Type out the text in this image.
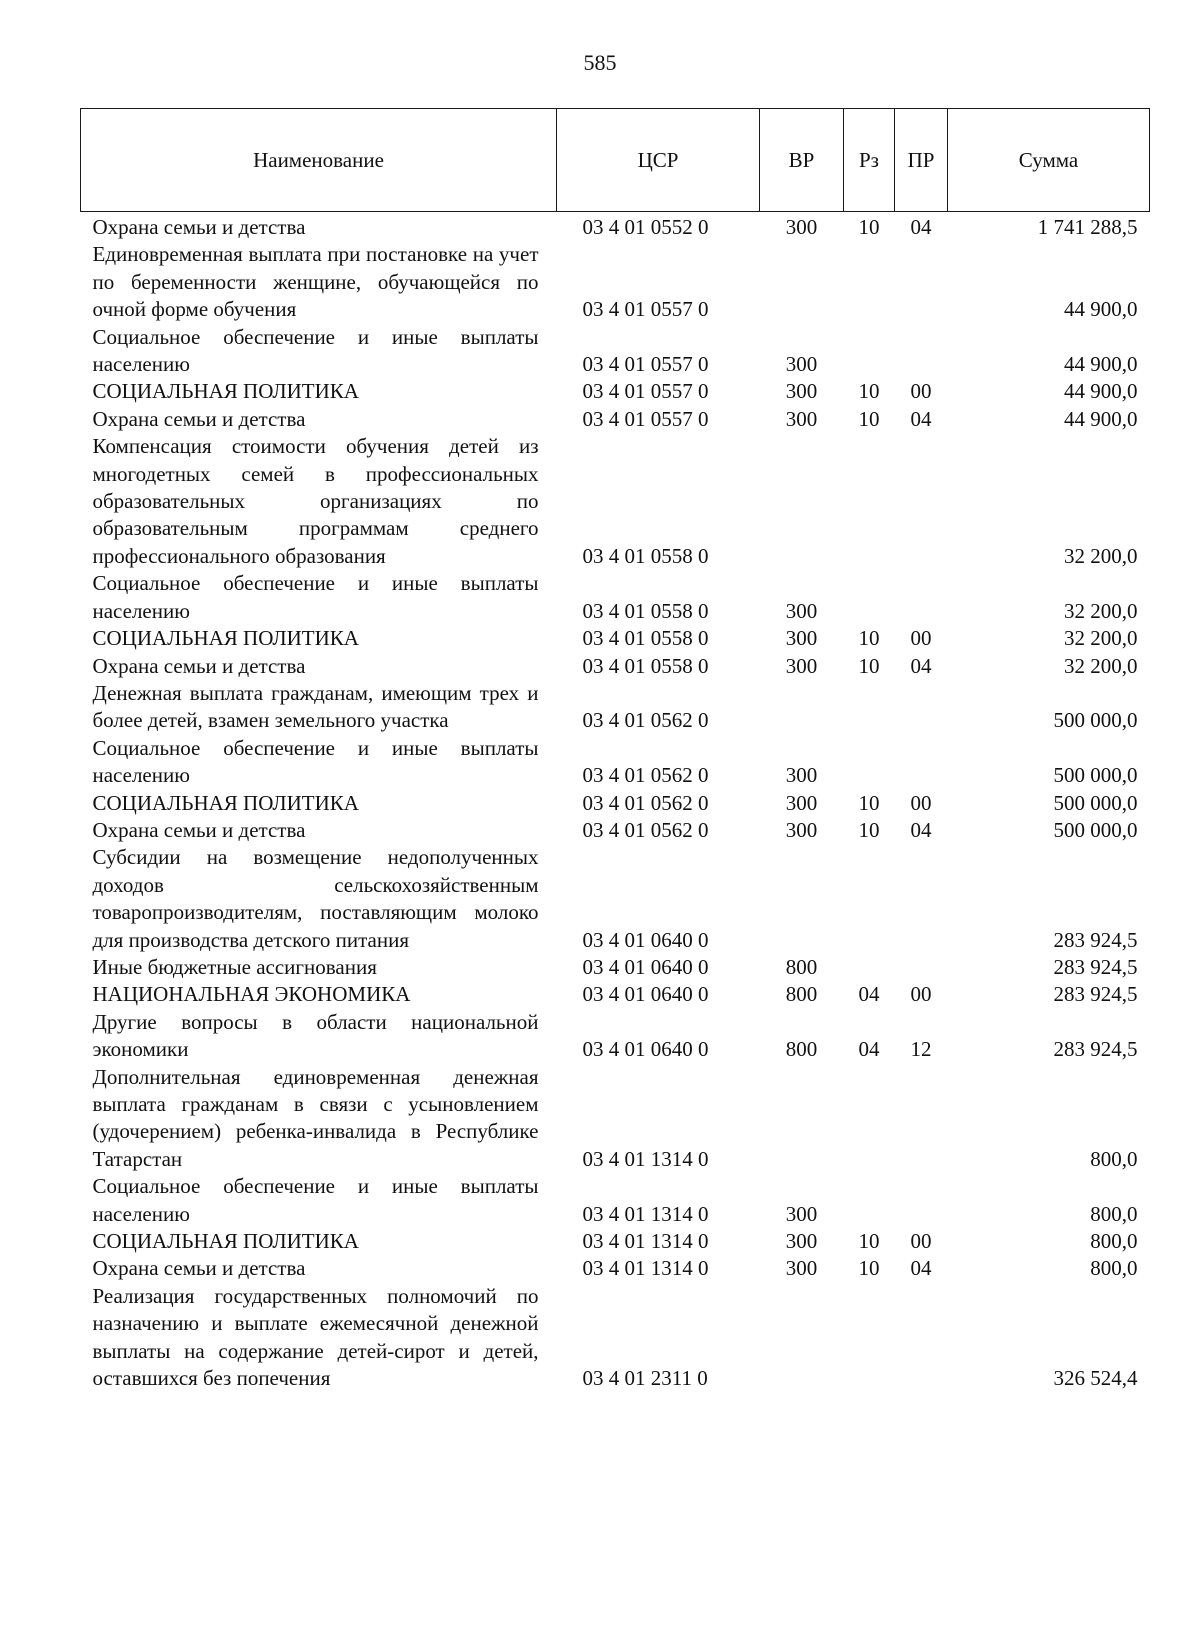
585
Наименование	ЦСР	ВР	Рз	ПР	Сумма
Охрана семьи и детства	03 4 01 0552 0	300	10	04	1 741 288,5
Единовременная выплата при постановке на учет по беременности женщине, обучающейся по очной форме обучения	03 4 01 0557 0				44 900,0
Социальное обеспечение и иные выплаты населению	03 4 01 0557 0	300			44 900,0
СОЦИАЛЬНАЯ ПОЛИТИКА	03 4 01 0557 0	300	10	00	44 900,0
Охрана семьи и детства	03 4 01 0557 0	300	10	04	44 900,0
Компенсация стоимости обучения детей из многодетных семей в профессиональных образовательных организациях по образовательным программам среднего профессионального образования	03 4 01 0558 0				32 200,0
Социальное обеспечение и иные выплаты населению	03 4 01 0558 0	300			32 200,0
СОЦИАЛЬНАЯ ПОЛИТИКА	03 4 01 0558 0	300	10	00	32 200,0
Охрана семьи и детства	03 4 01 0558 0	300	10	04	32 200,0
Денежная выплата гражданам, имеющим трех и более детей, взамен земельного участка	03 4 01 0562 0				500 000,0
Социальное обеспечение и иные выплаты населению	03 4 01 0562 0	300			500 000,0
СОЦИАЛЬНАЯ ПОЛИТИКА	03 4 01 0562 0	300	10	00	500 000,0
Охрана семьи и детства	03 4 01 0562 0	300	10	04	500 000,0
Субсидии на возмещение недополученных доходов сельскохозяйственным товаропроизводителям, поставляющим молоко для производства детского питания	03 4 01 0640 0				283 924,5
Иные бюджетные ассигнования	03 4 01 0640 0	800			283 924,5
НАЦИОНАЛЬНАЯ ЭКОНОМИКА	03 4 01 0640 0	800	04	00	283 924,5
Другие вопросы в области национальной экономики	03 4 01 0640 0	800	04	12	283 924,5
Дополнительная единовременная денежная выплата гражданам в связи с усыновлением (удочерением) ребенка-инвалида в Республике Татарстан	03 4 01 1314 0				800,0
Социальное обеспечение и иные выплаты населению	03 4 01 1314 0	300			800,0
СОЦИАЛЬНАЯ ПОЛИТИКА	03 4 01 1314 0	300	10	00	800,0
Охрана семьи и детства	03 4 01 1314 0	300	10	04	800,0
Реализация государственных полномочий по назначению и выплате ежемесячной денежной выплаты на содержание детей-сирот и детей, оставшихся без попечения	03 4 01 2311 0				326 524,4
